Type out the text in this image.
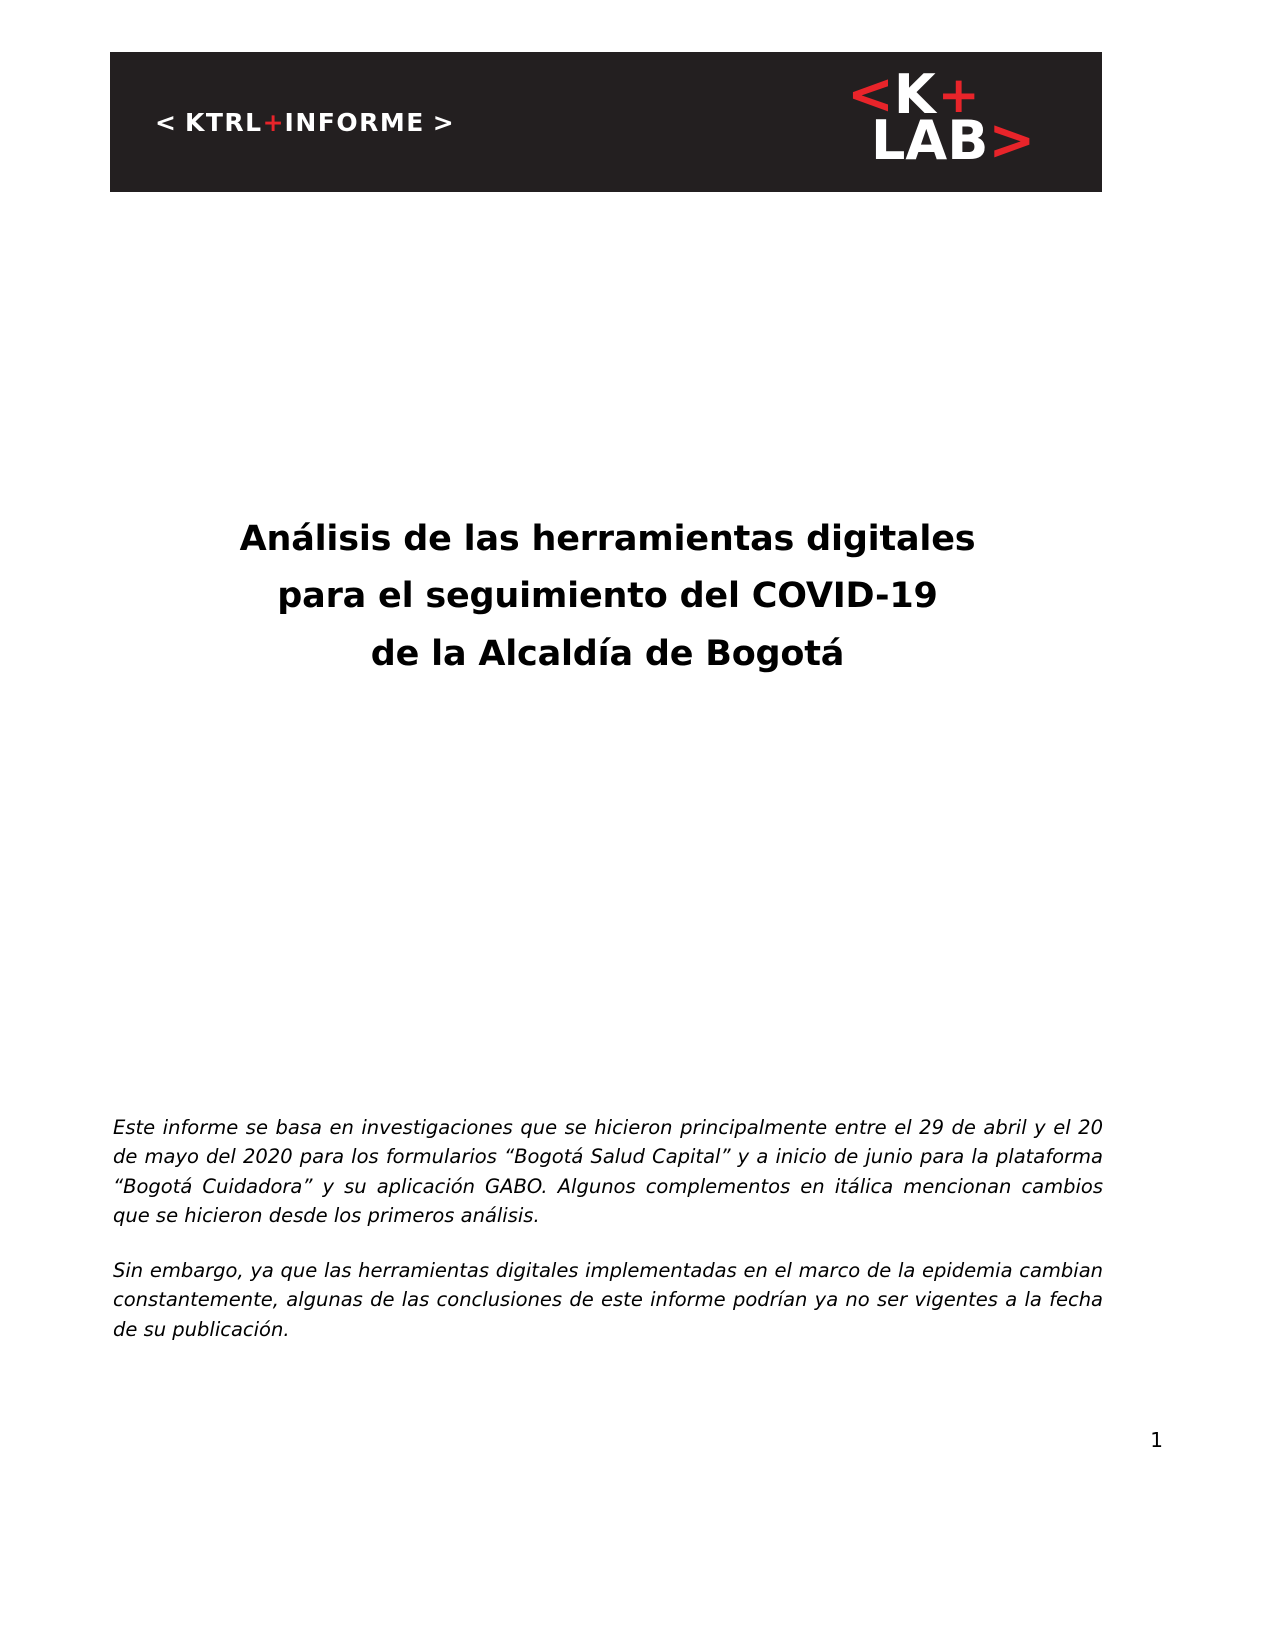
< KTRL + INFORME >	< K +
LAB >
Análisis de las herramientas digitales
para el seguimiento del COVID-19
de la Alcaldía de Bogotá

Este informe se basa en investigaciones que se hicieron principalmente entre el 29 de abril y el 20 de mayo del 2020 para los formularios “Bogotá Salud Capital” y a inicio de junio para la plataforma “Bogotá Cuidadora” y su aplicación GABO. Algunos complementos en itálica mencionan cambios que se hicieron desde los primeros análisis.

Sin embargo, ya que las herramientas digitales implementadas en el marco de la epidemia cambian constantemente, algunas de las conclusiones de este informe podrían ya no ser vigentes a la fecha de su publicación.

1
